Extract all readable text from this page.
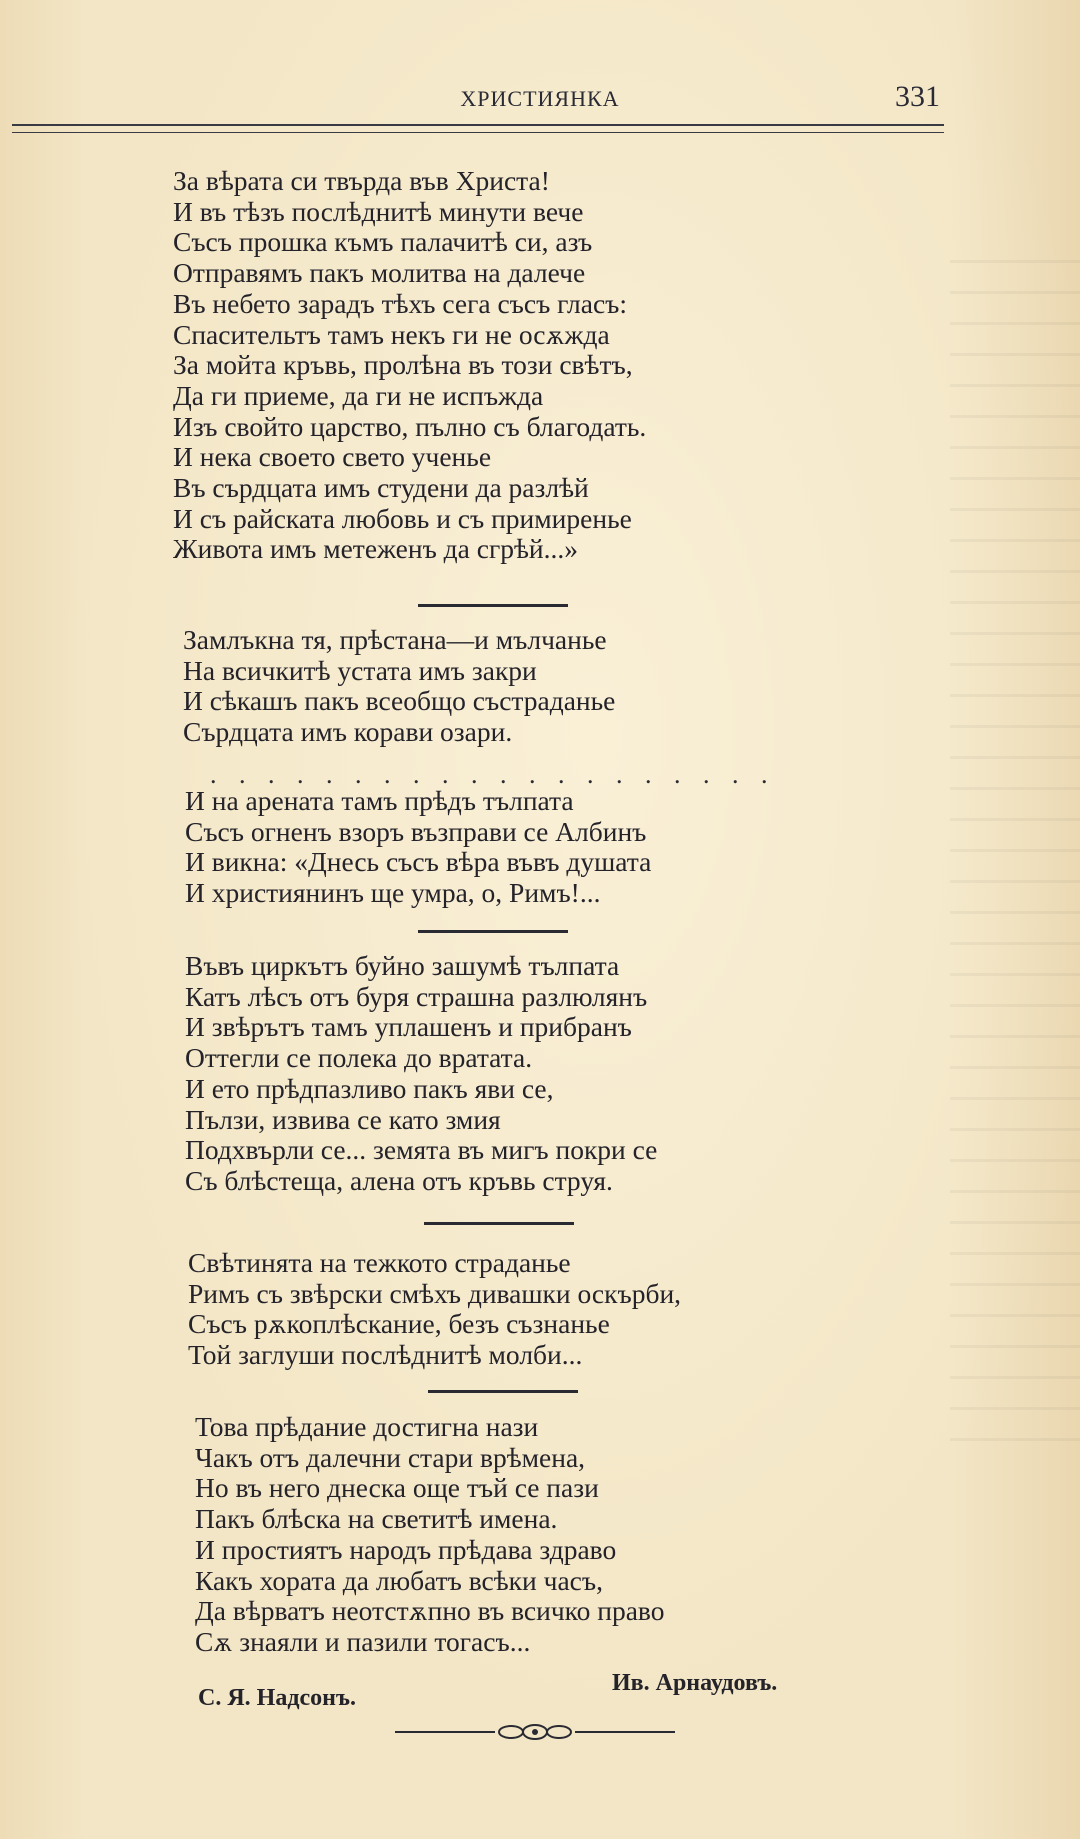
ХРИСТИЯНКА	331
За вѣрата си твърда във Христа!
И въ тѣзъ послѣднитѣ минути вече
Съсъ прошка къмъ палачитѣ си, азъ
Отправямъ пакъ молитва на далече
Въ небето зарадъ тѣхъ сега съсъ гласъ:
Спасительтъ тамъ некъ ги не осѫжда
За мойта кръвь, пролѣна въ този свѣтъ,
Да ги приеме, да ги не испъжда
Изъ свойто царство, пълно съ благодать.
И нека своето свето ученье
Въ сърдцата имъ студени да разлѣй
И съ райската любовь и съ примиренье
Живота имъ метеженъ да сгрѣй...»
Замлъкна тя, прѣстана—и мълчанье
На всичкитѣ устата имъ закри
И сѣкашъ пакъ всеобщо състраданье
Сърдцата имъ корави озари.
. . . . . . . . . . . . . . . . . . . .
И на арената тамъ прѣдъ тълпата
Съсъ огненъ взоръ възправи се Албинъ
И викна: «Днесь съсъ вѣра въвъ душата
И християнинъ ще умра, о, Римъ!...
Въвъ циркътъ буйно зашумѣ тълпата
Катъ лѣсъ отъ буря страшна разлюлянъ
И звѣрътъ тамъ уплашенъ и прибранъ
Оттегли се полека до вратата.
И ето прѣдпазливо пакъ яви се,
Пълзи, извива се като змия
Подхвърли се... земята въ мигъ покри се
Съ блѣстеща, алена отъ кръвь струя.
Свѣтинята на тежкото страданье
Римъ съ звѣрски смѣхъ дивашки оскърби,
Съсъ рѫкоплѣскание, безъ съзнанье
Той заглуши послѣднитѣ молби...
Това прѣдание достигна нази
Чакъ отъ далечни стари врѣмена,
Но въ него днеска още тъй се пази
Пакъ блѣска на светитѣ имена.
И простиятъ народъ прѣдава здраво
Какъ хората да любатъ всѣки часъ,
Да вѣрватъ неотстѫпно въ всичко право
Сѫ знаяли и пазили тогасъ...
С. Я. Надсонъ.
Ив. Арнаудовъ.
